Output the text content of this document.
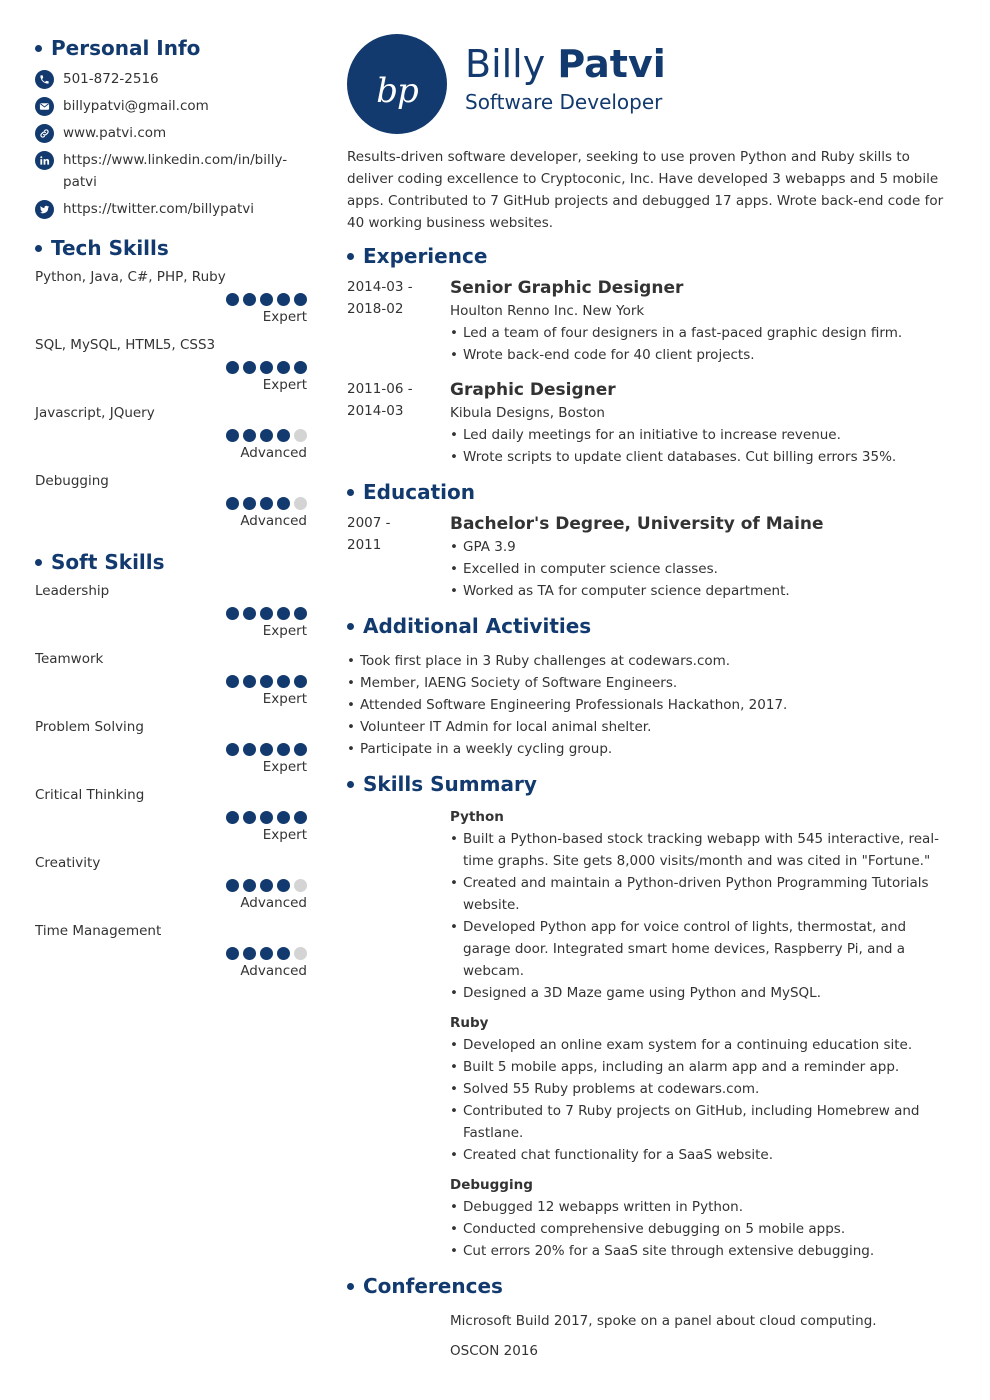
Personal Info
501-872-2516
billypatvi@gmail.com
www.patvi.com
https://www.linkedin.com/in/billy-patvi
https://twitter.com/billypatvi
Tech Skills
Python, Java, C#, PHP, Ruby
Expert
SQL, MySQL, HTML5, CSS3
Expert
Javascript, JQuery
Advanced
Debugging
Advanced
Soft Skills
Leadership
Expert
Teamwork
Expert
Problem Solving
Expert
Critical Thinking
Expert
Creativity
Advanced
Time Management
Advanced
bp
Billy Patvi
Software Developer
Results-driven software developer, seeking to use proven Python and Ruby skills to deliver coding excellence to Cryptoconic, Inc. Have developed 3 webapps and 5 mobile apps. Contributed to 7 GitHub projects and debugged 17 apps. Wrote back-end code for 40 working business websites.
Experience
2014-03 -
2018-02
Senior Graphic Designer
Houlton Renno Inc. New York
• Led a team of four designers in a fast-paced graphic design firm.
• Wrote back-end code for 40 client projects.
2011-06 -
2014-03
Graphic Designer
Kibula Designs, Boston
• Led daily meetings for an initiative to increase revenue.
• Wrote scripts to update client databases. Cut billing errors 35%.
Education
2007 -
2011
Bachelor's Degree, University of Maine
• GPA 3.9
• Excelled in computer science classes.
• Worked as TA for computer science department.
Additional Activities
• Took first place in 3 Ruby challenges at codewars.com.
• Member, IAENG Society of Software Engineers.
• Attended Software Engineering Professionals Hackathon, 2017.
• Volunteer IT Admin for local animal shelter.
• Participate in a weekly cycling group.
Skills Summary
Python
• Built a Python-based stock tracking webapp with 545 interactive, real-time graphs. Site gets 8,000 visits/month and was cited in "Fortune."
• Created and maintain a Python-driven Python Programming Tutorials website.
• Developed Python app for voice control of lights, thermostat, and garage door. Integrated smart home devices, Raspberry Pi, and a webcam.
• Designed a 3D Maze game using Python and MySQL.
Ruby
• Developed an online exam system for a continuing education site.
• Built 5 mobile apps, including an alarm app and a reminder app.
• Solved 55 Ruby problems at codewars.com.
• Contributed to 7 Ruby projects on GitHub, including Homebrew and Fastlane.
• Created chat functionality for a SaaS website.
Debugging
• Debugged 12 webapps written in Python.
• Conducted comprehensive debugging on 5 mobile apps.
• Cut errors 20% for a SaaS site through extensive debugging.
Conferences
Microsoft Build 2017, spoke on a panel about cloud computing.
OSCON 2016
